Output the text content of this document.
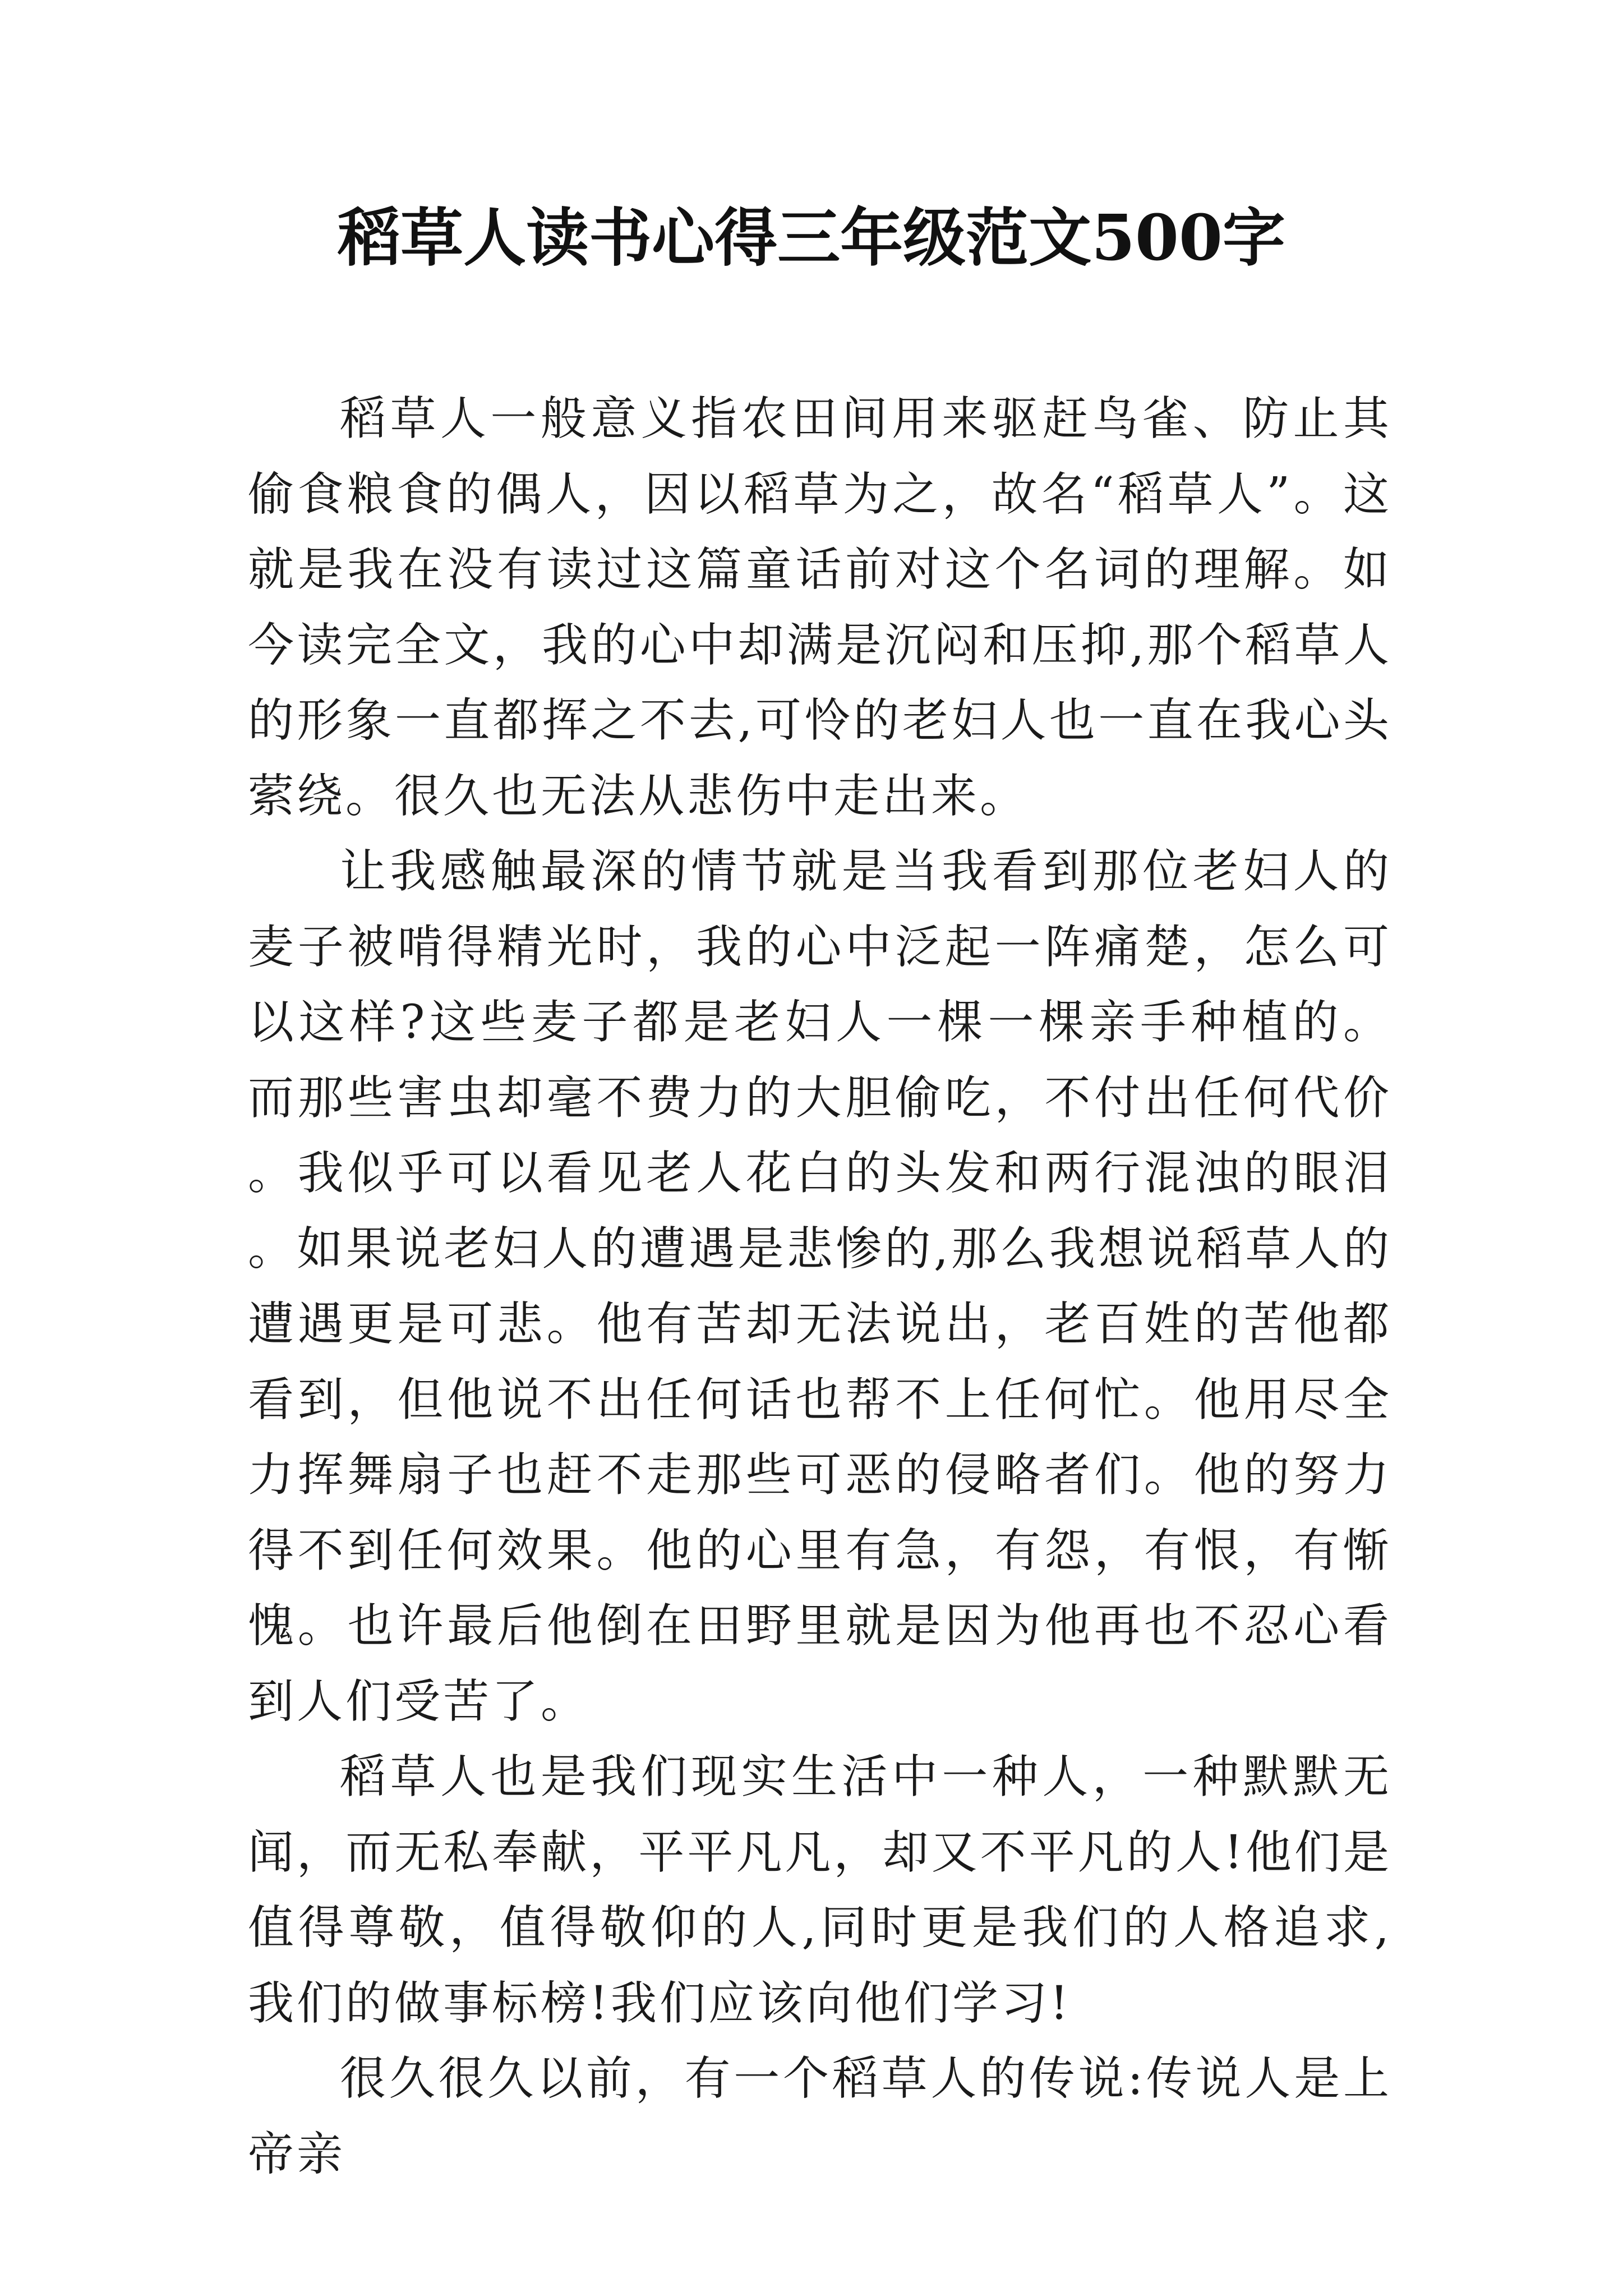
稻草人读书心得三年级范文500字

稻草人一般意义指农田间用来驱赶鸟雀、防止其偷食粮食的偶人，因以稻草为之，故名“稻草人”。这就是我在没有读过这篇童话前对这个名词的理解。如今读完全文，我的心中却满是沉闷和压抑,那个稻草人的形象一直都挥之不去,可怜的老妇人也一直在我心头萦绕。很久也无法从悲伤中走出来。

让我感触最深的情节就是当我看到那位老妇人的麦子被啃得精光时，我的心中泛起一阵痛楚，怎么可以这样?这些麦子都是老妇人一棵一棵亲手种植的。而那些害虫却毫不费力的大胆偷吃，不付出任何代价。我似乎可以看见老人花白的头发和两行混浊的眼泪。如果说老妇人的遭遇是悲惨的,那么我想说稻草人的遭遇更是可悲。他有苦却无法说出，老百姓的苦他都看到，但他说不出任何话也帮不上任何忙。他用尽全力挥舞扇子也赶不走那些可恶的侵略者们。他的努力得不到任何效果。他的心里有急，有怨，有恨，有惭愧。也许最后他倒在田野里就是因为他再也不忍心看到人们受苦了。

稻草人也是我们现实生活中一种人，一种默默无闻，而无私奉献，平平凡凡，却又不平凡的人!他们是值得尊敬，值得敬仰的人,同时更是我们的人格追求,我们的做事标榜!我们应该向他们学习!

很久很久以前，有一个稻草人的传说:传说人是上帝亲
